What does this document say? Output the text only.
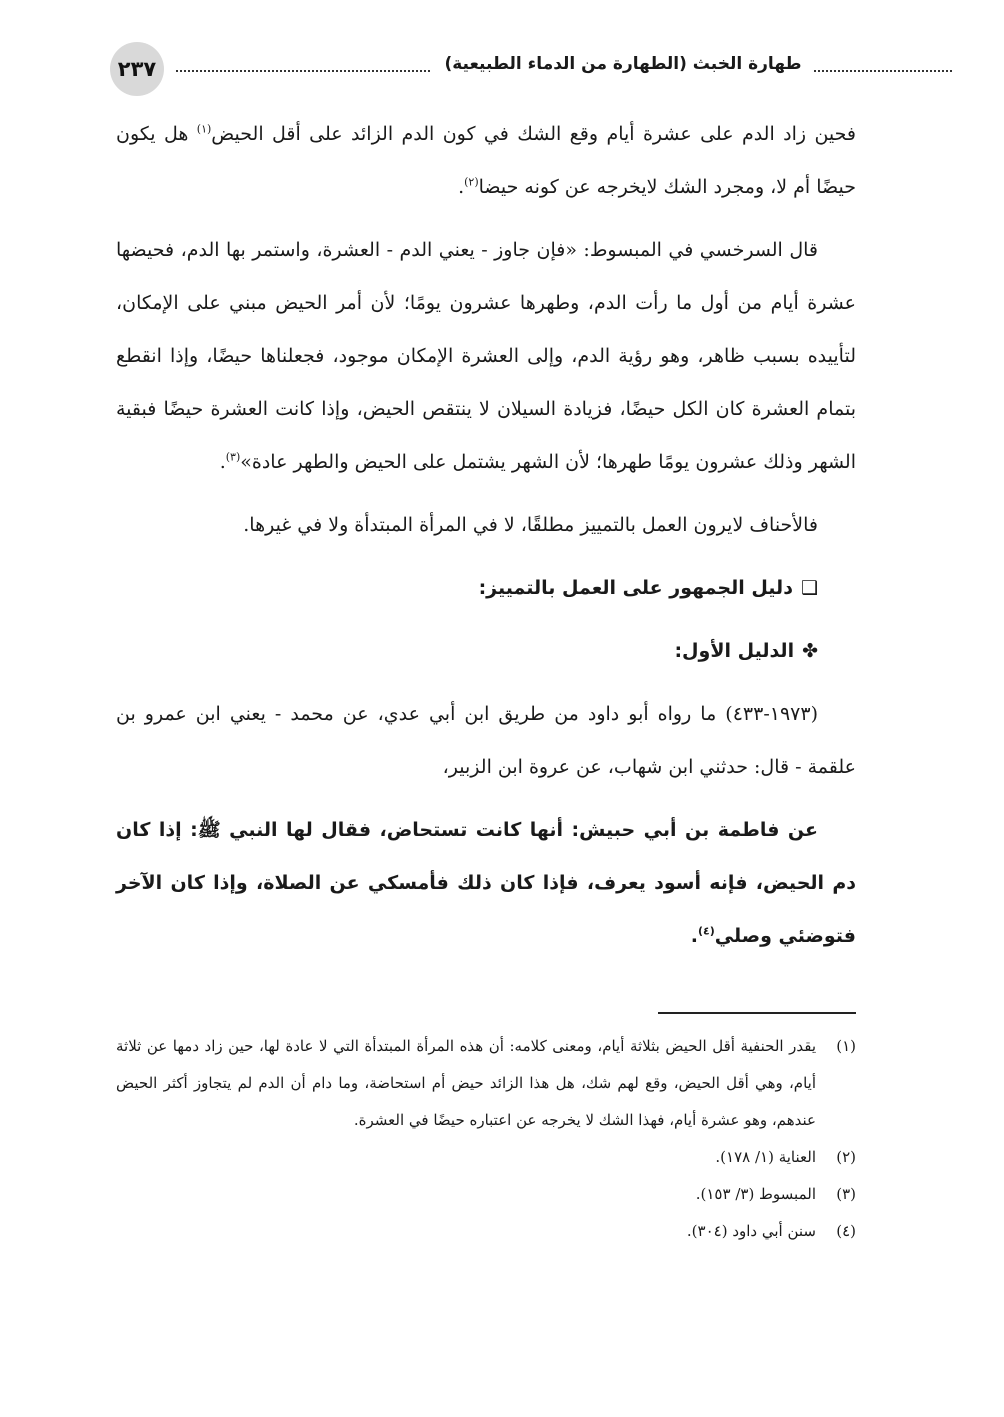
٢٣٧	طهارة الخبث (الطهارة من الدماء الطبيعية)

فحين زاد الدم على عشرة أيام وقع الشك في كون الدم الزائد على أقل الحيض$^{(١)}$ هل يكون حيضًا أم لا، ومجرد الشك لايخرجه عن كونه حيضا$^{(٢)}$.

قال السرخسي في المبسوط: «فإن جاوز - يعني الدم - العشرة، واستمر بها الدم، فحيضها عشرة أيام من أول ما رأت الدم، وطهرها عشرون يومًا؛ لأن أمر الحيض مبني على الإمكان، لتأييده بسبب ظاهر، وهو رؤية الدم، وإلى العشرة الإمكان موجود، فجعلناها حيضًا، وإذا انقطع بتمام العشرة كان الكل حيضًا، فزيادة السيلان لا ينتقص الحيض، وإذا كانت العشرة حيضًا فبقية الشهر وذلك عشرون يومًا طهرها؛ لأن الشهر يشتمل على الحيض والطهر عادة»$^{(٣)}$.

فالأحناف لايرون العمل بالتمييز مطلقًا، لا في المرأة المبتدأة ولا في غيرها.

❑دليل الجمهور على العمل بالتمييز:

✤الدليل الأول:

(١٩٧٣-٤٣٣) ما رواه أبو داود من طريق ابن أبي عدي، عن محمد - يعني ابن عمرو بن علقمة - قال: حدثني ابن شهاب، عن عروة ابن الزبير،

عن فاطمة بن أبي حبيش: أنها كانت تستحاض، فقال لها النبي ﷺ: إذا كان دم الحيض، فإنه أسود يعرف، فإذا كان ذلك فأمسكي عن الصلاة، وإذا كان الآخر فتوضئي وصلي$^{(٤)}$.

(١)
يقدر الحنفية أقل الحيض بثلاثة أيام، ومعنى كلامه: أن هذه المرأة المبتدأة التي لا عادة لها، حين زاد دمها عن ثلاثة أيام، وهي أقل الحيض، وقع لهم شك، هل هذا الزائد حيض أم استحاضة، وما دام أن الدم لم يتجاوز أكثر الحيض عندهم، وهو عشرة أيام، فهذا الشك لا يخرجه عن اعتباره حيضًا في العشرة.
(٢)
العناية (١/ ١٧٨).
(٣)
المبسوط (٣/ ١٥٣).
(٤)
سنن أبي داود (٣٠٤).
